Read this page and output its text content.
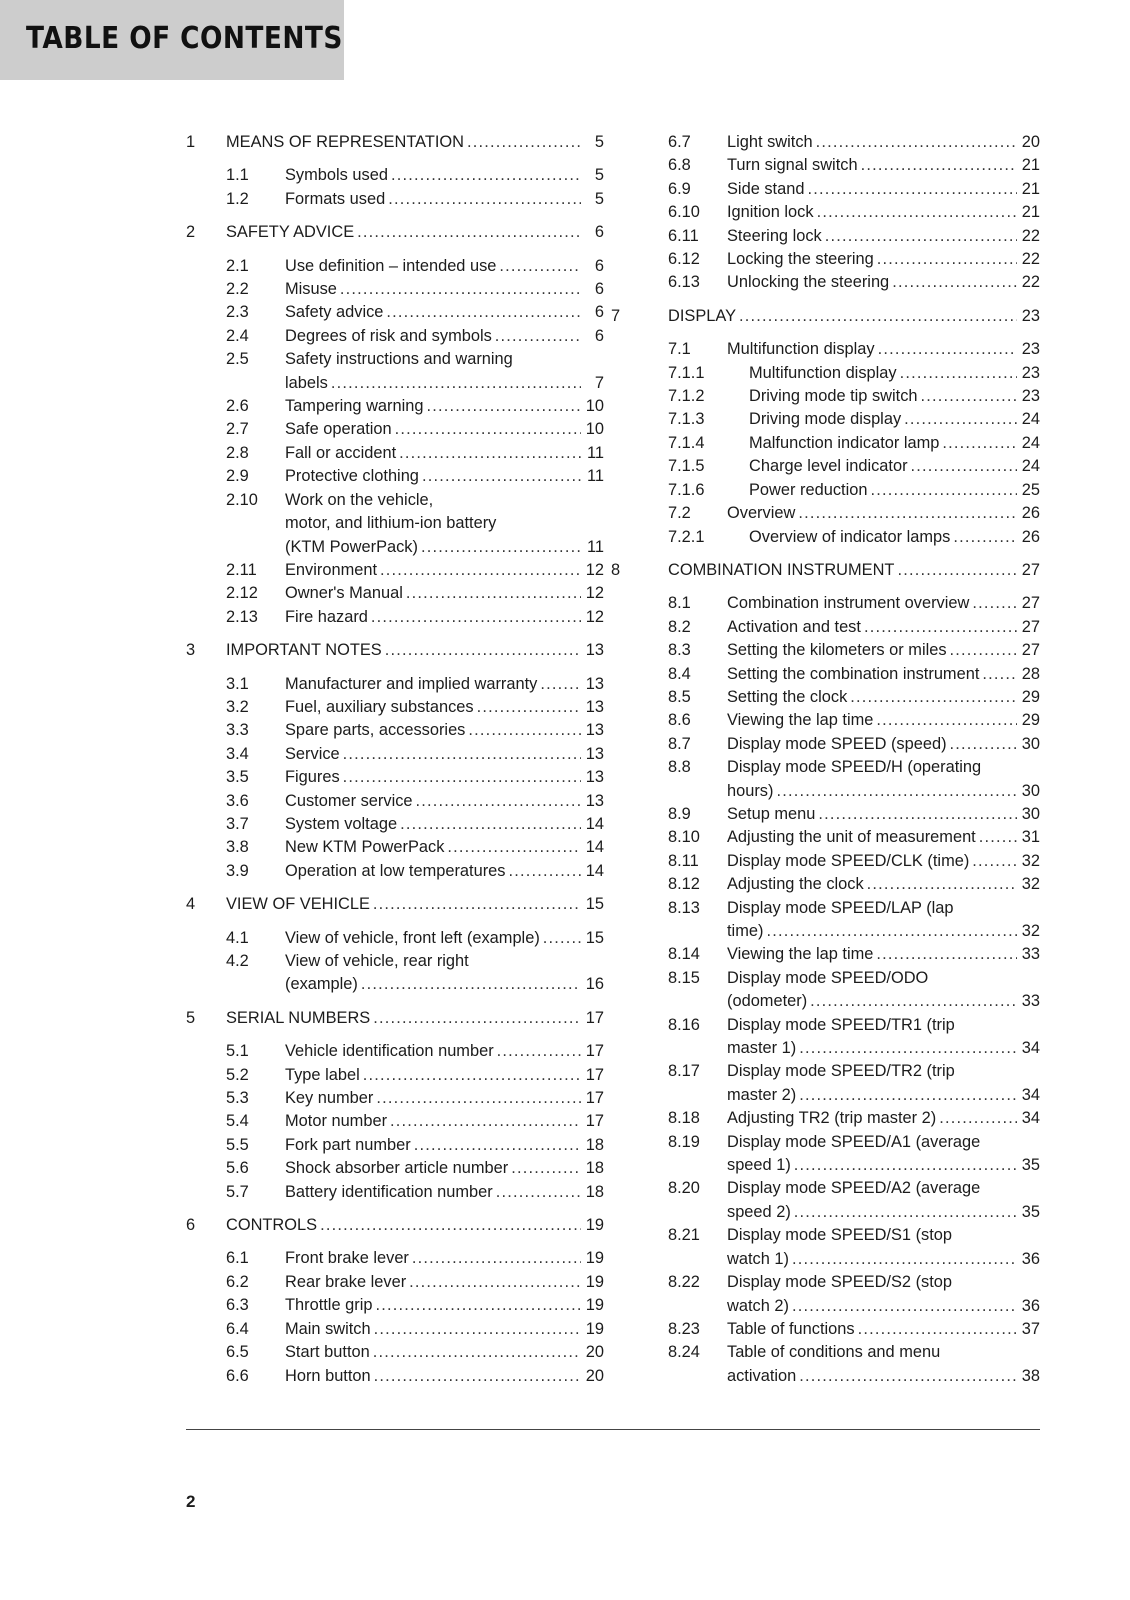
TABLE OF CONTENTS
1 MEANS OF REPRESENTATION .....	5
1.1 Symbols used .....	5
1.2 Formats used .....	5
2 SAFETY ADVICE .....	6
2.1 Use definition – intended use .....	6
2.2 Misuse .....	6
2.3 Safety advice .....	6
2.4 Degrees of risk and symbols .....	6
2.5 Safety instructions and warning
labels .....	7
2.6 Tampering warning .....	10
2.7 Safe operation .....	10
2.8 Fall or accident .....	11
2.9 Protective clothing .....	11
2.10 Work on the vehicle,
motor, and lithium-ion battery
(KTM PowerPack) .....	11
2.11 Environment .....	12
2.12 Owner's Manual .....	12
2.13 Fire hazard .....	12
3 IMPORTANT NOTES .....	13
3.1 Manufacturer and implied warranty .....	13
3.2 Fuel, auxiliary substances .....	13
3.3 Spare parts, accessories .....	13
3.4 Service .....	13
3.5 Figures .....	13
3.6 Customer service .....	13
3.7 System voltage .....	14
3.8 New KTM PowerPack .....	14
3.9 Operation at low temperatures .....	14
4 VIEW OF VEHICLE .....	15
4.1 View of vehicle, front left (example) .....	15
4.2 View of vehicle, rear right
(example) .....	16
5 SERIAL NUMBERS .....	17
5.1 Vehicle identification number .....	17
5.2 Type label .....	17
5.3 Key number .....	17
5.4 Motor number .....	17
5.5 Fork part number .....	18
5.6 Shock absorber article number .....	18
5.7 Battery identification number .....	18
6 CONTROLS .....	19
6.1 Front brake lever .....	19
6.2 Rear brake lever .....	19
6.3 Throttle grip .....	19
6.4 Main switch .....	19
6.5 Start button .....	20
6.6 Horn button .....	20
6.7 Light switch .....	20
6.8 Turn signal switch .....	21
6.9 Side stand .....	21
6.10 Ignition lock .....	21
6.11 Steering lock .....	22
6.12 Locking the steering .....	22
6.13 Unlocking the steering .....	22
7	DISPLAY .....	23
7.1 Multifunction display .....	23
7.1.1	Multifunction display .....	23
7.1.2	Driving mode tip switch .....	23
7.1.3	Driving mode display .....	24
7.1.4	Malfunction indicator lamp .....	24
7.1.5	Charge level indicator .....	24
7.1.6	Power reduction .....	25
7.2 Overview .....	26
7.2.1	Overview of indicator lamps .....	26
8	COMBINATION INSTRUMENT .....	27
8.1 Combination instrument overview .....	27
8.2 Activation and test .....	27
8.3 Setting the kilometers or miles .....	27
8.4 Setting the combination instrument .....	28
8.5 Setting the clock .....	29
8.6 Viewing the lap time .....	29
8.7 Display mode SPEED (speed) .....	30
8.8 Display mode SPEED/H (operating
hours) .....	30
8.9 Setup menu .....	30
8.10 Adjusting the unit of measurement .....	31
8.11 Display mode SPEED/CLK (time) .....	32
8.12 Adjusting the clock .....	32
8.13 Display mode SPEED/LAP (lap
time) .....	32
8.14 Viewing the lap time .....	33
8.15 Display mode SPEED/ODO
(odometer) .....	33
8.16 Display mode SPEED/TR1 (trip
master 1) .....	34
8.17 Display mode SPEED/TR2 (trip
master 2) .....	34
8.18 Adjusting TR2 (trip master 2) .....	34
8.19 Display mode SPEED/A1 (average
speed 1) .....	35
8.20 Display mode SPEED/A2 (average
speed 2) .....	35
8.21 Display mode SPEED/S1 (stop
watch 1) .....	36
8.22 Display mode SPEED/S2 (stop
watch 2) .....	36
8.23 Table of functions .....	37
8.24 Table of conditions and menu
activation .....	38
2
